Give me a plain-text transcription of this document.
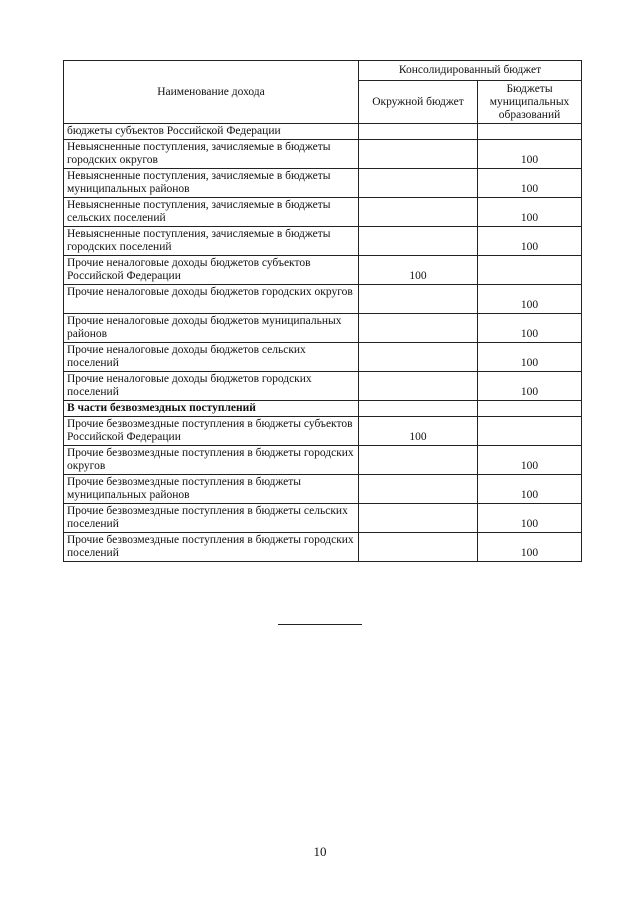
Наименование дохода	Консолидированный бюджет	
	Окружной бюджет	Бюджеты муниципальных образований
бюджеты субъектов Российской Федерации		
Невыясненные поступления, зачисляемые в бюджеты городских округов		100
Невыясненные поступления, зачисляемые в бюджеты муниципальных районов		100
Невыясненные поступления, зачисляемые в бюджеты сельских поселений		100
Невыясненные поступления, зачисляемые в бюджеты городских поселений		100
Прочие неналоговые доходы бюджетов субъектов Российской Федерации	100	
Прочие неналоговые доходы бюджетов городских округов		100
Прочие неналоговые доходы бюджетов муниципальных районов		100
Прочие неналоговые доходы бюджетов сельских поселений		100
Прочие неналоговые доходы бюджетов городских поселений		100
В части безвозмездных поступлений		
Прочие безвозмездные поступления в бюджеты субъектов Российской Федерации	100	
Прочие безвозмездные поступления в бюджеты городских округов		100
Прочие безвозмездные поступления в бюджеты муниципальных районов		100
Прочие безвозмездные поступления в бюджеты сельских поселений		100
Прочие безвозмездные поступления в бюджеты городских поселений		100
10
